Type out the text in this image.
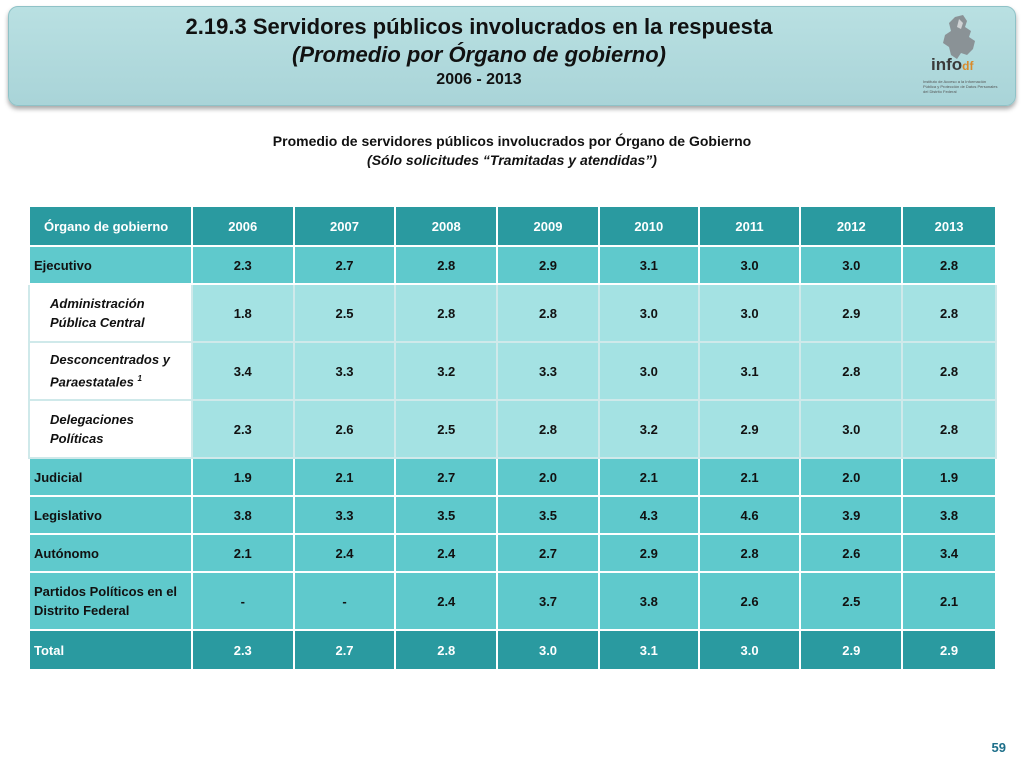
2.19.3 Servidores públicos involucrados en la respuesta
(Promedio por Órgano de gobierno)
2006 - 2013
infodf
Instituto de Acceso a la Información Pública y Protección de Datos Personales del Distrito Federal
Promedio de servidores públicos involucrados por Órgano de Gobierno
(Sólo solicitudes “Tramitadas y atendidas”)
Órgano de gobierno	2006	2007	2008	2009	2010	2011	2012	2013
Ejecutivo	2.3	2.7	2.8	2.9	3.1	3.0	3.0	2.8
Administración Pública Central	1.8	2.5	2.8	2.8	3.0	3.0	2.9	2.8
Desconcentrados y Paraestatales $^1$	3.4	3.3	3.2	3.3	3.0	3.1	2.8	2.8
Delegaciones Políticas	2.3	2.6	2.5	2.8	3.2	2.9	3.0	2.8
Judicial	1.9	2.1	2.7	2.0	2.1	2.1	2.0	1.9
Legislativo	3.8	3.3	3.5	3.5	4.3	4.6	3.9	3.8
Autónomo	2.1	2.4	2.4	2.7	2.9	2.8	2.6	3.4
Partidos Políticos en el Distrito Federal	-	-	2.4	3.7	3.8	2.6	2.5	2.1
Total	2.3	2.7	2.8	3.0	3.1	3.0	2.9	2.9
59
